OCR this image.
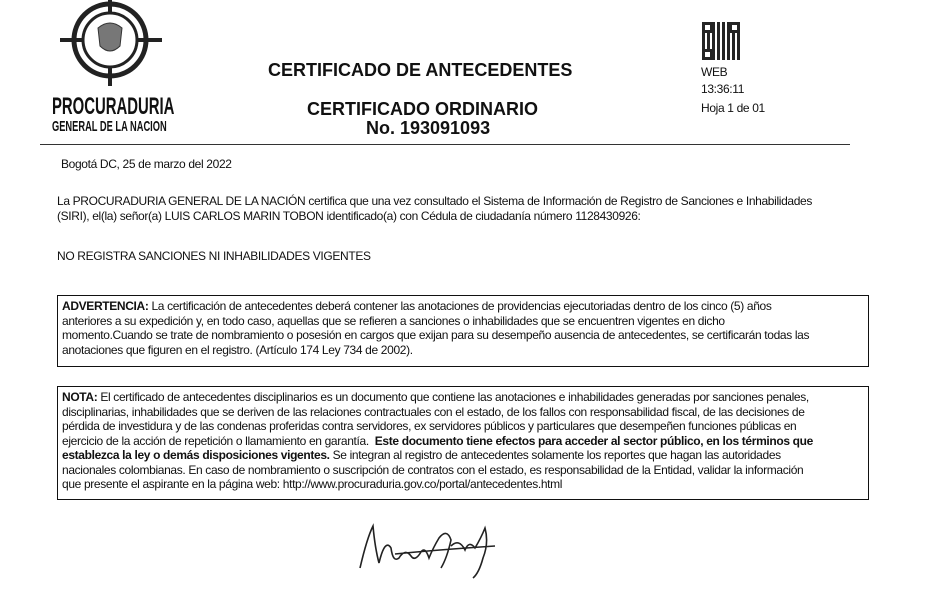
PROCURADURIA
GENERAL DE LA NACION
CERTIFICADO DE ANTECEDENTES
CERTIFICADO ORDINARIO
No. 193091093
WEB
13:36:11
Hoja 1 de 01
Bogotá DC, 25 de marzo del 2022
La PROCURADURIA GENERAL DE LA NACIÓN certifica que una vez consultado el Sistema de Información de Registro de Sanciones e Inhabilidades
(SIRI), el(la) señor(a) LUIS CARLOS MARIN TOBON identificado(a) con Cédula de ciudadanía número 1128430926:
NO REGISTRA SANCIONES NI INHABILIDADES VIGENTES
ADVERTENCIA: La certificación de antecedentes deberá contener las anotaciones de providencias ejecutoriadas dentro de los cinco (5) años
anteriores a su expedición y, en todo caso, aquellas que se refieren a sanciones o inhabilidades que se encuentren vigentes en dicho
momento.Cuando se trate de nombramiento o posesión en cargos que exijan para su desempeño ausencia de antecedentes, se certificarán todas las
anotaciones que figuren en el registro. (Artículo 174 Ley 734 de 2002).
NOTA: El certificado de antecedentes disciplinarios es un documento que contiene las anotaciones e inhabilidades generadas por sanciones penales,
disciplinarias, inhabilidades que se deriven de las relaciones contractuales con el estado, de los fallos con responsabilidad fiscal, de las decisiones de
pérdida de investidura y de las condenas proferidas contra servidores, ex servidores públicos y particulares que desempeñen funciones públicas en
ejercicio de la acción de repetición o llamamiento en garantía.  Este documento tiene efectos para acceder al sector público, en los términos que
establezca la ley o demás disposiciones vigentes. Se integran al registro de antecedentes solamente los reportes que hagan las autoridades
nacionales colombianas. En caso de nombramiento o suscripción de contratos con el estado, es responsabilidad de la Entidad, validar la información
que presente el aspirante en la página web: http://www.procuraduria.gov.co/portal/antecedentes.html
